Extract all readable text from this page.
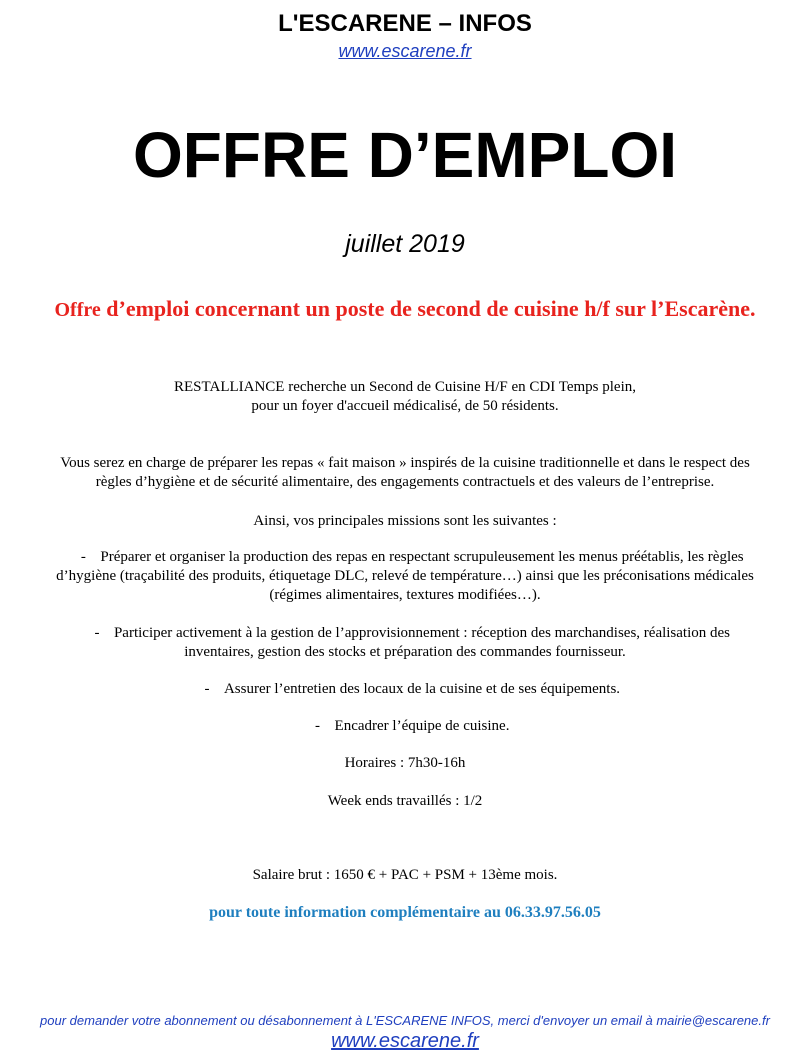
L'ESCARENE – INFOS
www.escarene.fr
OFFRE D’EMPLOI
juillet 2019
Offre d’emploi concernant un poste de second de cuisine h/f sur l’Escarène.
RESTALLIANCE recherche un Second de Cuisine H/F en CDI Temps plein,
pour un foyer d'accueil médicalisé, de 50 résidents.
Vous serez en charge de préparer les repas « fait maison » inspirés de la cuisine traditionnelle et dans le respect des
règles d’hygiène et de sécurité alimentaire, des engagements contractuels et des valeurs de l’entreprise.
Ainsi, vos principales missions sont les suivantes :
- Préparer et organiser la production des repas en respectant scrupuleusement les menus préétablis, les règles
d’hygiène (traçabilité des produits, étiquetage DLC, relevé de température…) ainsi que les préconisations médicales
(régimes alimentaires, textures modifiées…).
- Participer activement à la gestion de l’approvisionnement : réception des marchandises, réalisation des
inventaires, gestion des stocks et préparation des commandes fournisseur.
- Assurer l’entretien des locaux de la cuisine et de ses équipements.
- Encadrer l’équipe de cuisine.
Horaires : 7h30-16h
Week ends travaillés : 1/2
Salaire brut : 1650 € + PAC + PSM + 13ème mois.
pour toute information complémentaire au 06.33.97.56.05
pour demander votre abonnement ou désabonnement à L'ESCARENE INFOS, merci d'envoyer un email à mairie@escarene.fr
www.escarene.fr
